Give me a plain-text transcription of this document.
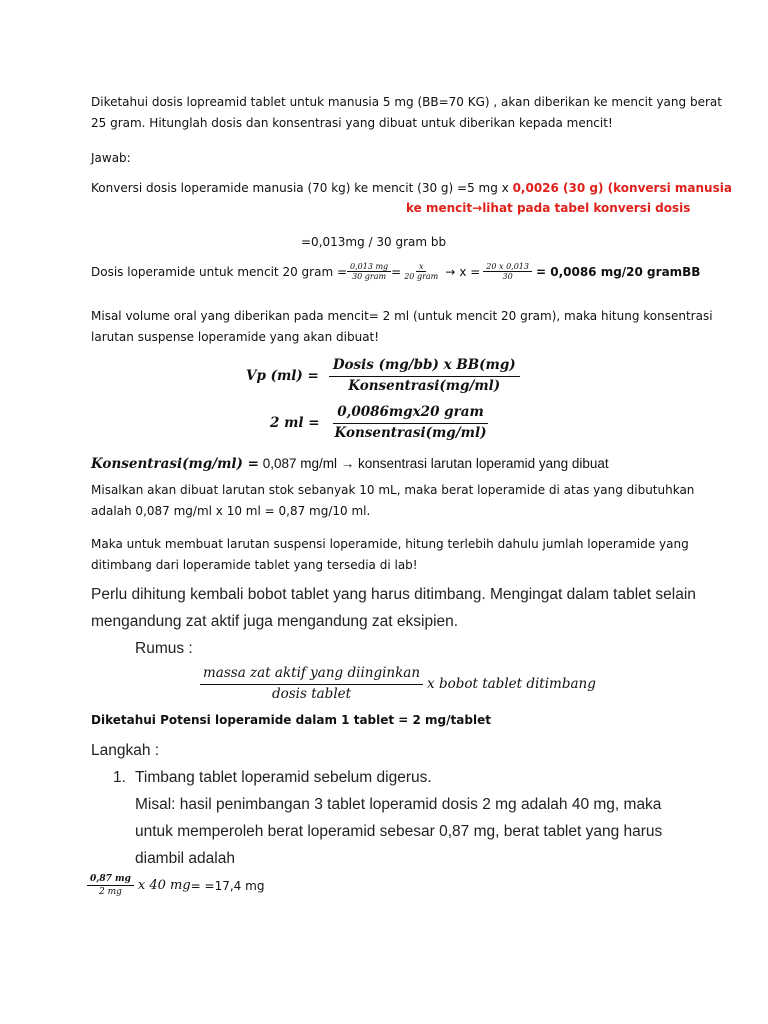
Diketahui dosis lopreamid tablet untuk manusia 5 mg (BB=70 KG) , akan diberikan ke mencit yang berat
25 gram. Hitunglah dosis dan konsentrasi yang dibuat untuk diberikan kepada mencit!
Jawab:
Konversi dosis loperamide manusia (70 kg) ke mencit (30 g) =5 mg x 0,0026 (30 g) (konversi manusia
ke mencit→lihat pada tabel konversi dosis
=0,013mg / 30 gram bb
Dosis loperamide untuk mencit 20 gram = $\frac{0,013 mg}{\text{30 gram}} = \frac{x}{\text{20 gram}} \to x = \frac{20 x 0,013}{30} = 0,0086$ mg/20 gramBB
Misal volume oral yang diberikan pada mencit= 2 ml (untuk mencit 20 gram), maka hitung konsentrasi
larutan suspense loperamide yang akan dibuat!
Vp $(ml) = \frac{\text{Dosis (mg/bb) x BB(mg)}}{\text{Konsentrasi(mg/ml)}}$
2 ml = $\frac{\text{0,0086mgx20 gram}}{\text{Konsentrasi(mg/ml)}}$
Konsentrasi(mg/ml) = 0,087 mg/ml → konsentrasi larutan loperamid yang dibuat
Misalkan akan dibuat larutan stok sebanyak 10 mL, maka berat loperamide di atas yang dibutuhkan
adalah 0,087 mg/ml x 10 ml = 0,87 mg/10 ml.
Maka untuk membuat larutan suspensi loperamide, hitung terlebih dahulu jumlah loperamide yang
ditimbang dari loperamide tablet yang tersedia di lab!
Perlu dihitung kembali bobot tablet yang harus ditimbang. Mengingat dalam tablet selain
mengandung zat aktif juga mengandung zat eksipien.
Rumus :
$\frac{\text{massa zat aktif yang diinginkan}}{\text{dosis tablet}}$ x bobot tablet ditimbang
Diketahui Potensi loperamide dalam 1 tablet = 2 mg/tablet
Langkah :
1. Timbang tablet loperamid sebelum digerus.
Misal: hasil penimbangan 3 tablet loperamid dosis 2 mg adalah 40 mg, maka
untuk memperoleh berat loperamid sebesar 0,87 mg, berat tablet yang harus
diambil adalah
$\frac{0,87 mg}{2 mg}$ x 40 mg = =17,4 mg
